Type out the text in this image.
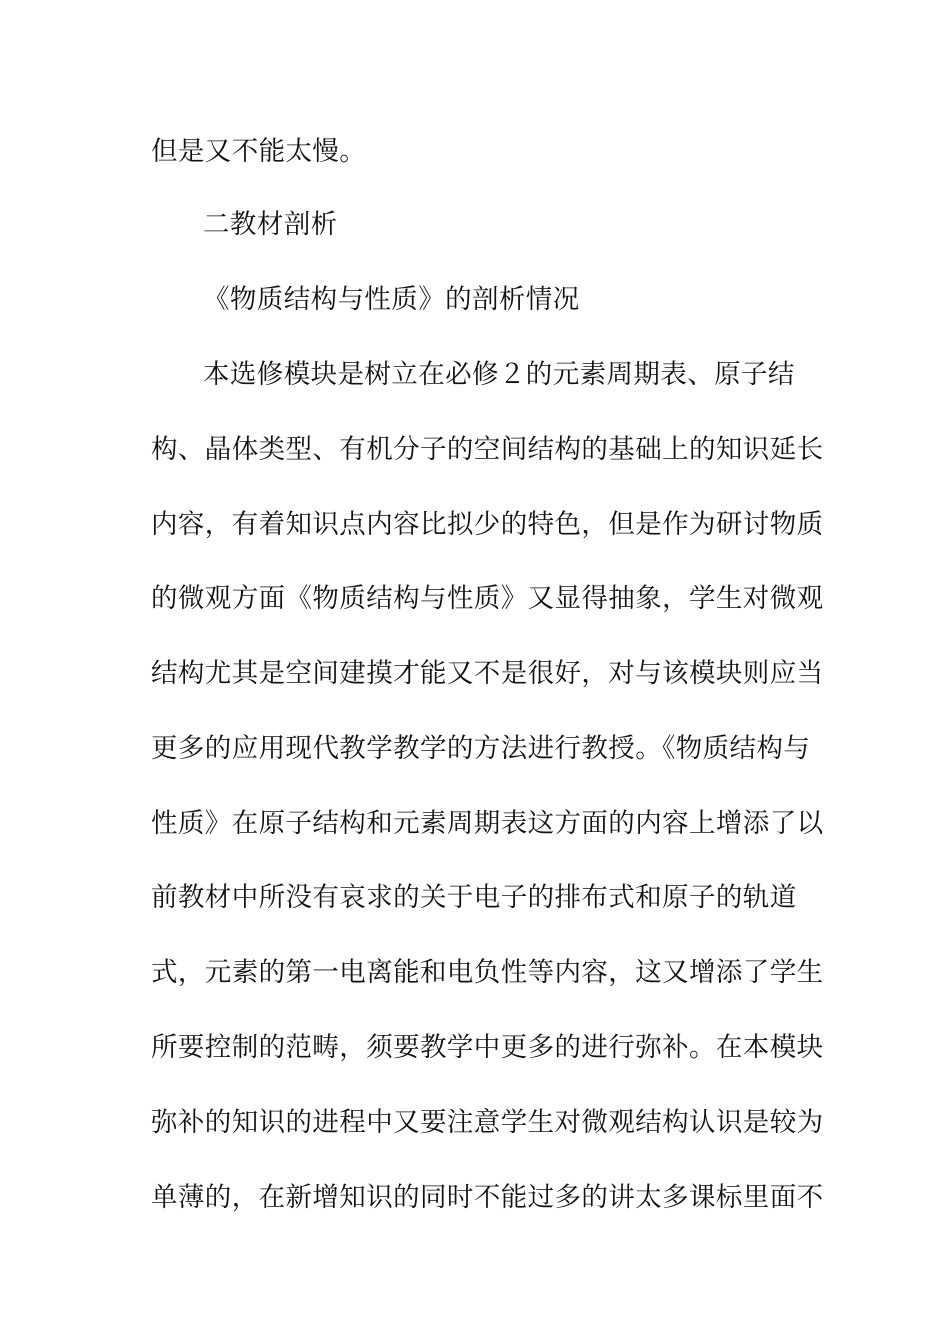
但是又不能太慢。
二教材剖析
《物质结构与性质》的剖析情况
本选修模块是树立在必修２的元素周期表、原子结
构、晶体类型、有机分子的空间结构的基础上的知识延长
内容，有着知识点内容比拟少的特色，但是作为研讨物质
的微观方面《物质结构与性质》又显得抽象，学生对微观
结构尤其是空间建摸才能又不是很好，对与该模块则应当
更多的应用现代教学教学的方法进行教授。《物质结构与
性质》在原子结构和元素周期表这方面的内容上增添了以
前教材中所没有哀求的关于电子的排布式和原子的轨道
式，元素的第一电离能和电负性等内容，这又增添了学生
所要控制的范畴，须要教学中更多的进行弥补。在本模块
弥补的知识的进程中又要注意学生对微观结构认识是较为
单薄的，在新增知识的同时不能过多的讲太多课标里面不
